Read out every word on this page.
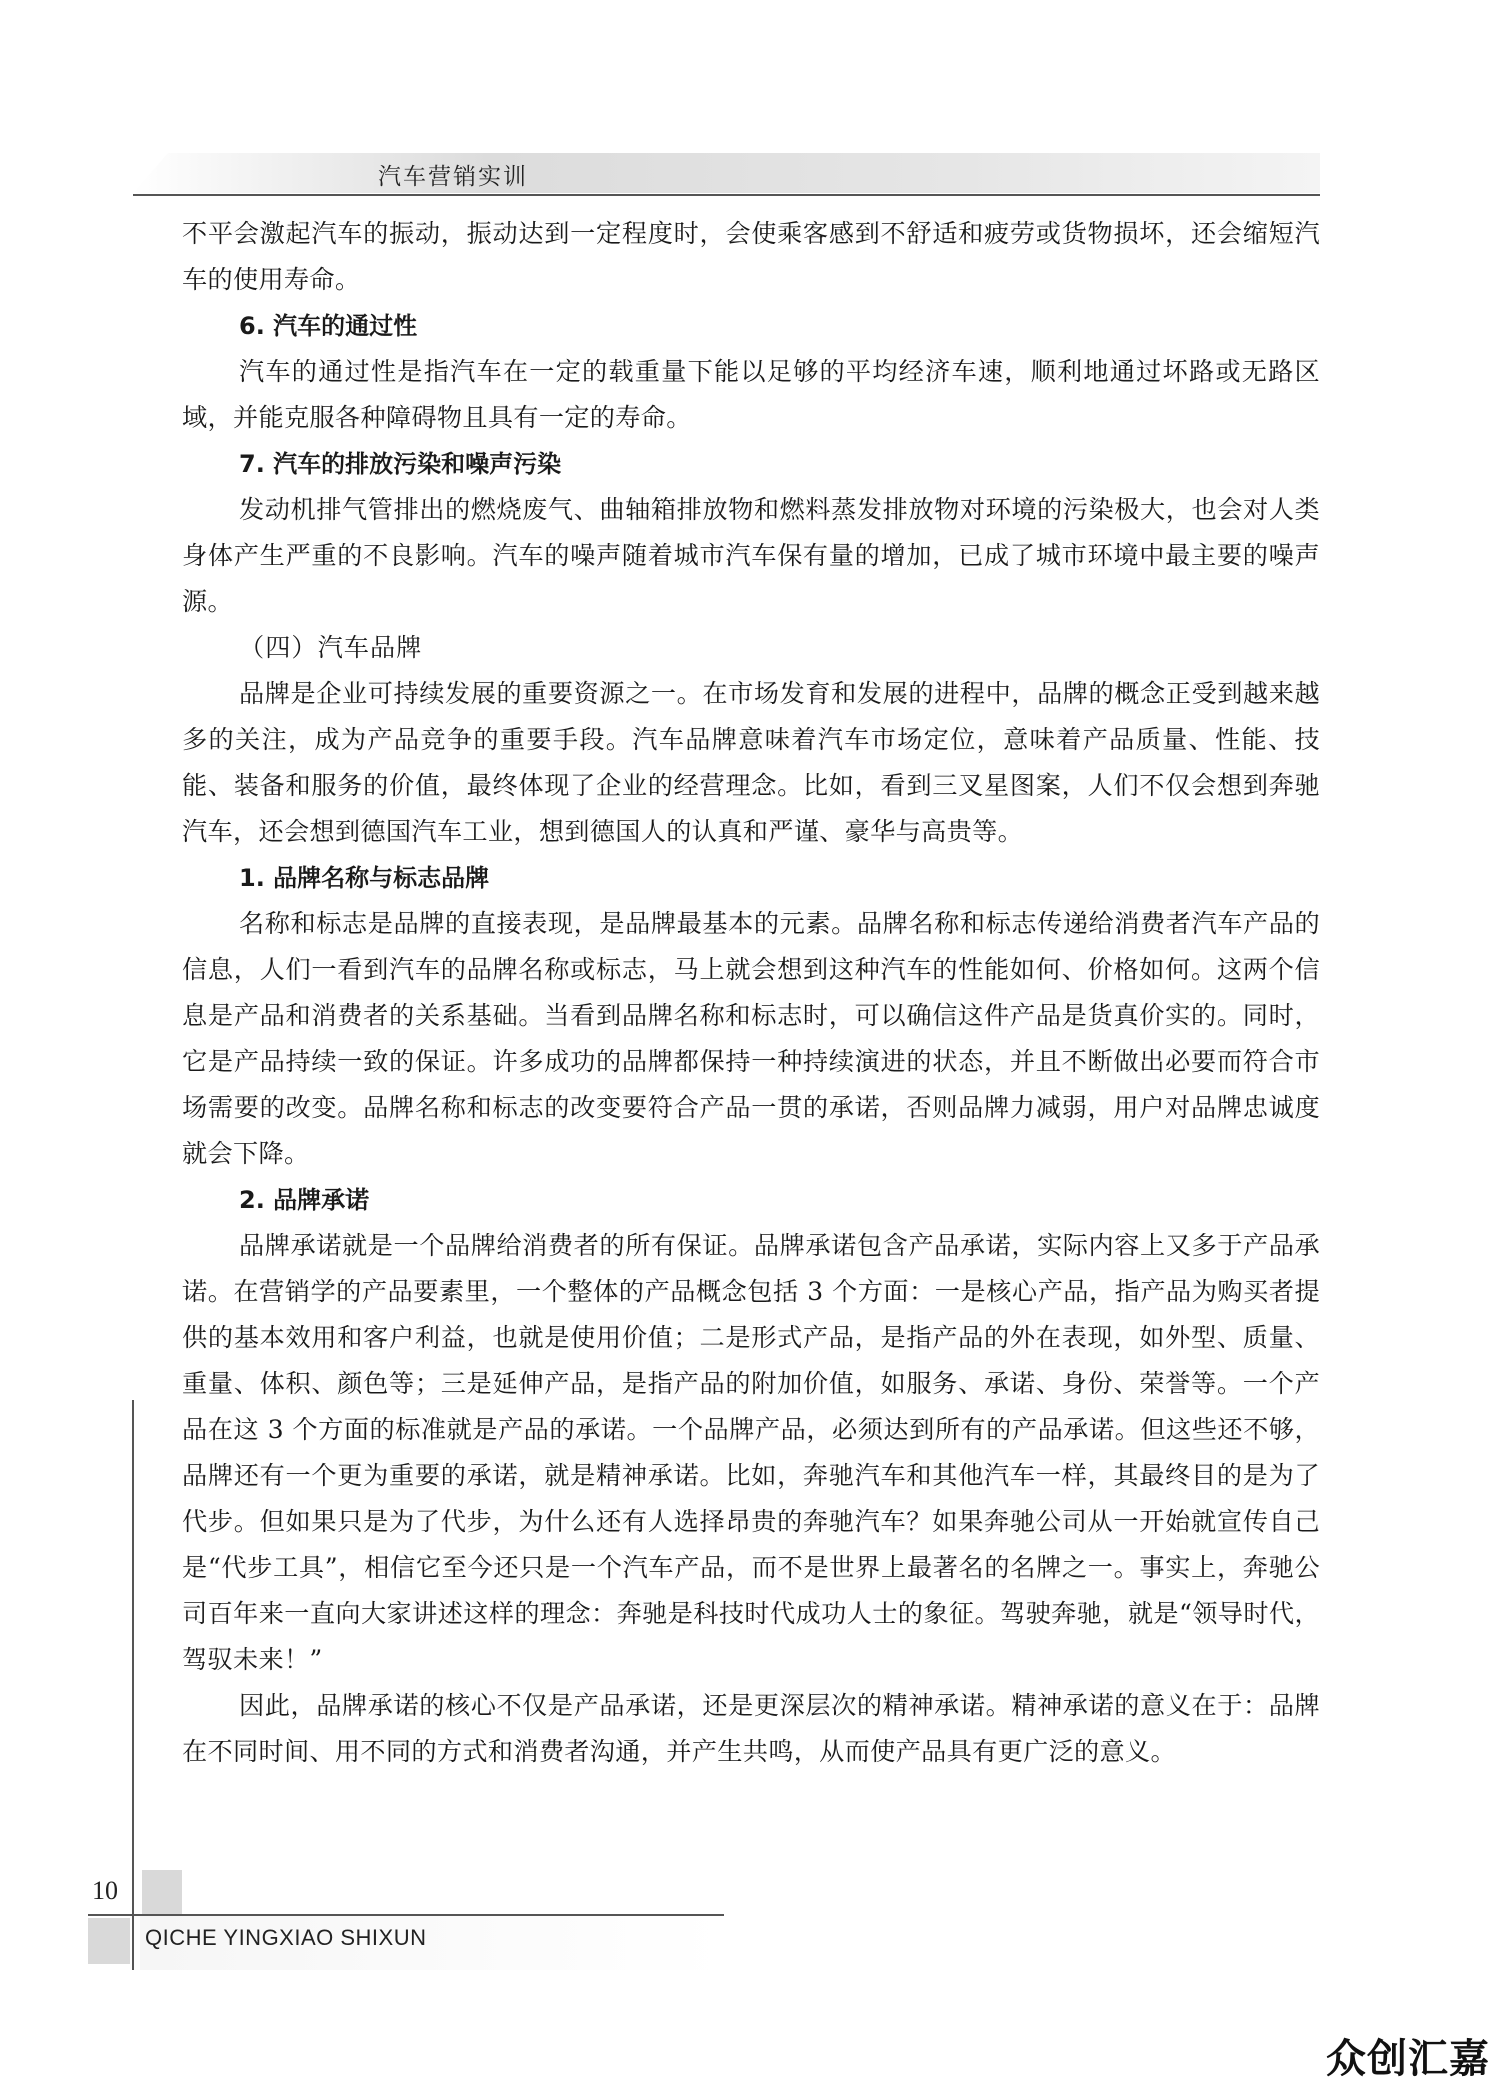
汽车营销实训

不平会激起汽车的振动，振动达到一定程度时，会使乘客感到不舒适和疲劳或货物损坏，还会缩短汽车的使用寿命。

6. 汽车的通过性

汽车的通过性是指汽车在一定的载重量下能以足够的平均经济车速，顺利地通过坏路或无路区域，并能克服各种障碍物且具有一定的寿命。

7. 汽车的排放污染和噪声污染

发动机排气管排出的燃烧废气、曲轴箱排放物和燃料蒸发排放物对环境的污染极大，也会对人类身体产生严重的不良影响。汽车的噪声随着城市汽车保有量的增加，已成了城市环境中最主要的噪声源。

（四）汽车品牌

品牌是企业可持续发展的重要资源之一。在市场发育和发展的进程中，品牌的概念正受到越来越多的关注，成为产品竞争的重要手段。汽车品牌意味着汽车市场定位，意味着产品质量、性能、技能、装备和服务的价值，最终体现了企业的经营理念。比如，看到三叉星图案，人们不仅会想到奔驰汽车，还会想到德国汽车工业，想到德国人的认真和严谨、豪华与高贵等。

1. 品牌名称与标志品牌

名称和标志是品牌的直接表现，是品牌最基本的元素。品牌名称和标志传递给消费者汽车产品的信息，人们一看到汽车的品牌名称或标志，马上就会想到这种汽车的性能如何、价格如何。这两个信息是产品和消费者的关系基础。当看到品牌名称和标志时，可以确信这件产品是货真价实的。同时，它是产品持续一致的保证。许多成功的品牌都保持一种持续演进的状态，并且不断做出必要而符合市场需要的改变。品牌名称和标志的改变要符合产品一贯的承诺，否则品牌力减弱，用户对品牌忠诚度就会下降。

2. 品牌承诺

品牌承诺就是一个品牌给消费者的所有保证。品牌承诺包含产品承诺，实际内容上又多于产品承诺。在营销学的产品要素里，一个整体的产品概念包括 3 个方面：一是核心产品，指产品为购买者提供的基本效用和客户利益，也就是使用价值；二是形式产品，是指产品的外在表现，如外型、质量、重量、体积、颜色等；三是延伸产品，是指产品的附加价值，如服务、承诺、身份、荣誉等。一个产品在这 3 个方面的标准就是产品的承诺。一个品牌产品，必须达到所有的产品承诺。但这些还不够，品牌还有一个更为重要的承诺，就是精神承诺。比如，奔驰汽车和其他汽车一样，其最终目的是为了代步。但如果只是为了代步，为什么还有人选择昂贵的奔驰汽车？如果奔驰公司从一开始就宣传自己是“代步工具”，相信它至今还只是一个汽车产品，而不是世界上最著名的名牌之一。事实上，奔驰公司百年来一直向大家讲述这样的理念：奔驰是科技时代成功人士的象征。驾驶奔驰，就是“领导时代，驾驭未来！”

因此，品牌承诺的核心不仅是产品承诺，还是更深层次的精神承诺。精神承诺的意义在于：品牌在不同时间、用不同的方式和消费者沟通，并产生共鸣，从而使产品具有更广泛的意义。

10
QICHE YINGXIAO SHIXUN
众创汇嘉
